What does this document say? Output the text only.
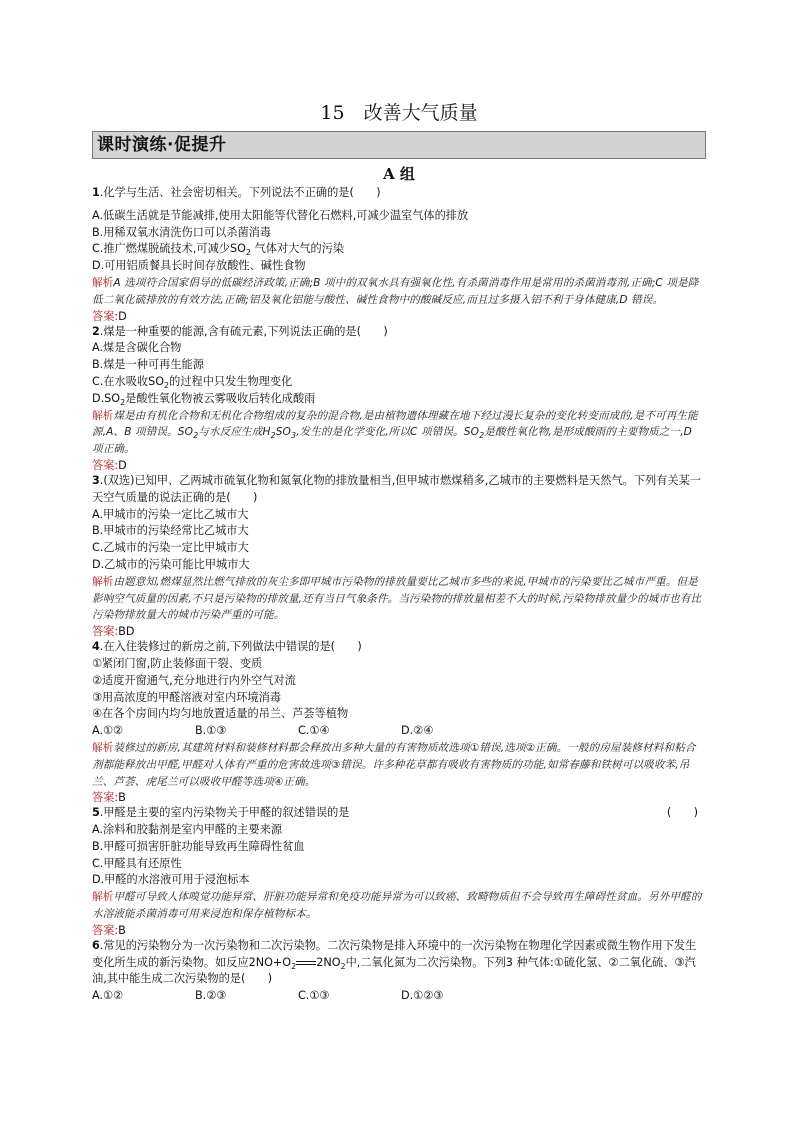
15　改善大气质量
课时演练·促提升
A 组
1.化学与生活、社会密切相关。下列说法不正确的是(　　)
A.低碳生活就是节能减排,使用太阳能等代替化石燃料,可减少温室气体的排放
B.用稀双氧水清洗伤口可以杀菌消毒
C.推广燃煤脱硫技术,可减少$SO_2$ 气体对大气的污染
D.可用铝质餐具长时间存放酸性、碱性食物
解析A 选项符合国家倡导的低碳经济政策,正确;B 项中的双氧水具有强氧化性,有杀菌消毒作用是常用的杀菌消毒剂,正确;C 项是降低二氧化硫排放的有效方法,正确;铝及氧化铝能与酸性、碱性食物中的酸碱反应,而且过多摄入铝不利于身体健康,D 错误。
答案:D
2.煤是一种重要的能源,含有硫元素,下列说法正确的是(　　)
A.煤是含碳化合物
B.煤是一种可再生能源
C.在水吸收$SO_2$的过程中只发生物理变化
$D.SO_2$是酸性氧化物被云雾吸收后转化成酸雨
解析煤是由有机化合物和无机化合物组成的复杂的混合物,是由植物遗体埋藏在地下经过漫长复杂的变化转变而成的,是不可再生能源,A、B 项错误。$SO_2$与水反应生成$H_2SO_3$,发生的是化学变化,所以C 项错误。$SO_2$是酸性氧化物,是形成酸雨的主要物质之一,D 项正确。
答案:D
3.(双选)已知甲、乙两城市硫氧化物和氮氧化物的排放量相当,但甲城市燃煤稍多,乙城市的主要燃料是天然气。下列有关某一天空气质量的说法正确的是(　　)
A.甲城市的污染一定比乙城市大
B.甲城市的污染经常比乙城市大
C.乙城市的污染一定比甲城市大
D.乙城市的污染可能比甲城市大
解析由题意知,燃煤显然比燃气排放的灰尘多即甲城市污染物的排放量要比乙城市多些的来说,甲城市的污染要比乙城市严重。但是影响空气质量的因素,不只是污染物的排放量,还有当日气象条件。当污染物的排放量相差不大的时候,污染物排放量少的城市也有比污染物排放量大的城市污染严重的可能。
答案:BD
4.在入住装修过的新房之前,下列做法中错误的是(　　)
①紧闭门窗,防止装修面干裂、变质
②适度开窗通气,充分地进行内外空气对流
③用高浓度的甲醛溶液对室内环境消毒
④在各个房间内均匀地放置适量的吊兰、芦荟等植物
A.①②	B.①③	C.①④	D.②④
解析装修过的新房,其建筑材料和装修材料都会释放出多种大量的有害物质故选项①错误,选项②正确。一般的房屋装修材料和粘合剂都能释放出甲醛,甲醛对人体有严重的危害故选项③错误。许多种花草都有吸收有害物质的功能,如常春藤和铁树可以吸收苯,吊兰、芦荟、虎尾兰可以吸收甲醛等选项④正确。
答案:B
5.甲醛是主要的室内污染物关于甲醛的叙述错误的是	(　　)
A.涂料和胶黏剂是室内甲醛的主要来源
B.甲醛可损害肝脏功能导致再生障碍性贫血
C.甲醛具有还原性
D.甲醛的水溶液可用于浸泡标本
解析甲醛可导致人体嗅觉功能异常、肝脏功能异常和免疫功能异常为可以致癌、致畸物质但不会导致再生障碍性贫血。另外甲醛的水溶液能杀菌消毒可用来浸泡和保存植物标本。
答案:B
6.常见的污染物分为一次污染物和二次污染物。二次污染物是排入环境中的一次污染物在物理化学因素或微生物作用下发生变化所生成的新污染物。如反应$2NO+O_2$ $2NO_2$中,二氧化氮为二次污染物。下列3 种气体:①硫化氢、②二氧化硫、③汽油,其中能生成二次污染物的是(　　)
A.①②	B.②③	C.①③	D.①②③
